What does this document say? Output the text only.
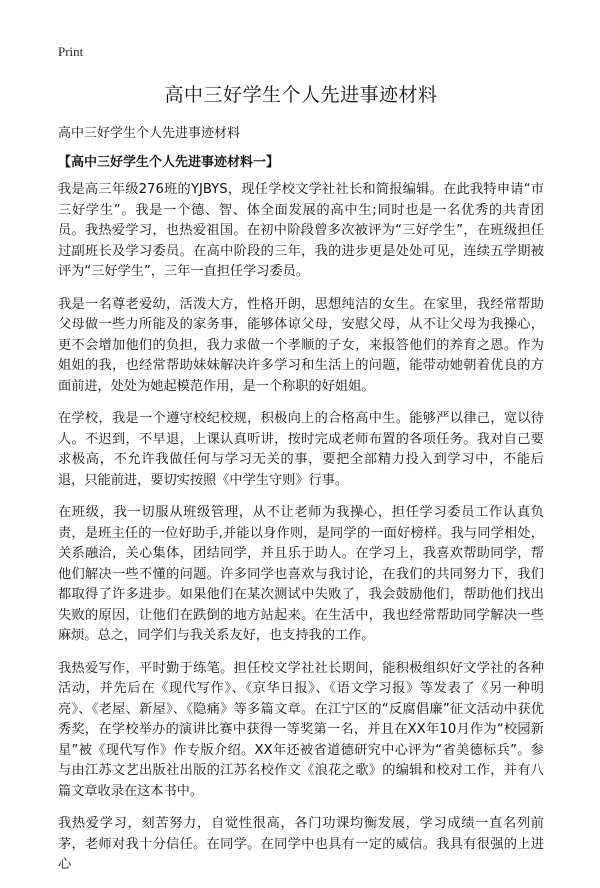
Print
高中三好学生个人先进事迹材料

高中三好学生个人先进事迹材料

【高中三好学生个人先进事迹材料一】

我是高三年级276班的YJBYS，现任学校文学社社长和简报编辑。在此我特申请“市三好学生”。我是一个德、智、体全面发展的高中生;同时也是一名优秀的共青团员。我热爱学习，也热爱祖国。在初中阶段曾多次被评为“三好学生”，在班级担任过副班长及学习委员。在高中阶段的三年，我的进步更是处处可见，连续五学期被评为“三好学生”，三年一直担任学习委员。

我是一名尊老爱幼，活泼大方，性格开朗，思想纯洁的女生。在家里，我经常帮助父母做一些力所能及的家务事，能够体谅父母，安慰父母，从不让父母为我操心，更不会增加他们的负担，我力求做一个孝顺的子女，来报答他们的养育之恩。作为姐姐的我，也经常帮助妹妹解决许多学习和生活上的问题，能带动她朝着优良的方面前进，处处为她起模范作用，是一个称职的好姐姐。

在学校，我是一个遵守校纪校规，积极向上的合格高中生。能够严以律己，宽以待人。不迟到，不早退，上课认真听讲，按时完成老师布置的各项任务。我对自己要求极高，不允许我做任何与学习无关的事，要把全部精力投入到学习中，不能后退，只能前进，要切实按照《中学生守则》行事。

在班级，我一切服从班级管理，从不让老师为我操心，担任学习委员工作认真负责，是班主任的一位好助手,并能以身作则，是同学的一面好榜样。我与同学相处，关系融洽，关心集体，团结同学，并且乐于助人。在学习上，我喜欢帮助同学，帮他们解决一些不懂的问题。许多同学也喜欢与我讨论，在我们的共同努力下，我们都取得了许多进步。如果他们在某次测试中失败了，我会鼓励他们，帮助他们找出失败的原因，让他们在跌倒的地方站起来。在生活中，我也经常帮助同学解决一些麻烦。总之，同学们与我关系友好，也支持我的工作。

我热爱写作，平时勤于练笔。担任校文学社社长期间，能积极组织好文学社的各种活动，并先后在《现代写作》、《京华日报》、《语文学习报》等发表了《另一种明亮》、《老屋、新屋》、《隐痛》等多篇文章。在江宁区的“反腐倡廉”征文活动中获优秀奖，在学校举办的演讲比赛中获得一等奖第一名，并且在XX年10月作为“校园新星”被《现代写作》作专版介绍。XX年还被省道德研究中心评为“省美德标兵”。参与由江苏文艺出版社出版的江苏名校作文《浪花之歌》的编辑和校对工作，并有八篇文章收录在这本书中。

我热爱学习，刻苦努力，自觉性很高，各门功课均衡发展，学习成绩一直名列前茅，老师对我十分信任。在同学。在同学中也具有一定的威信。我具有很强的上进心
